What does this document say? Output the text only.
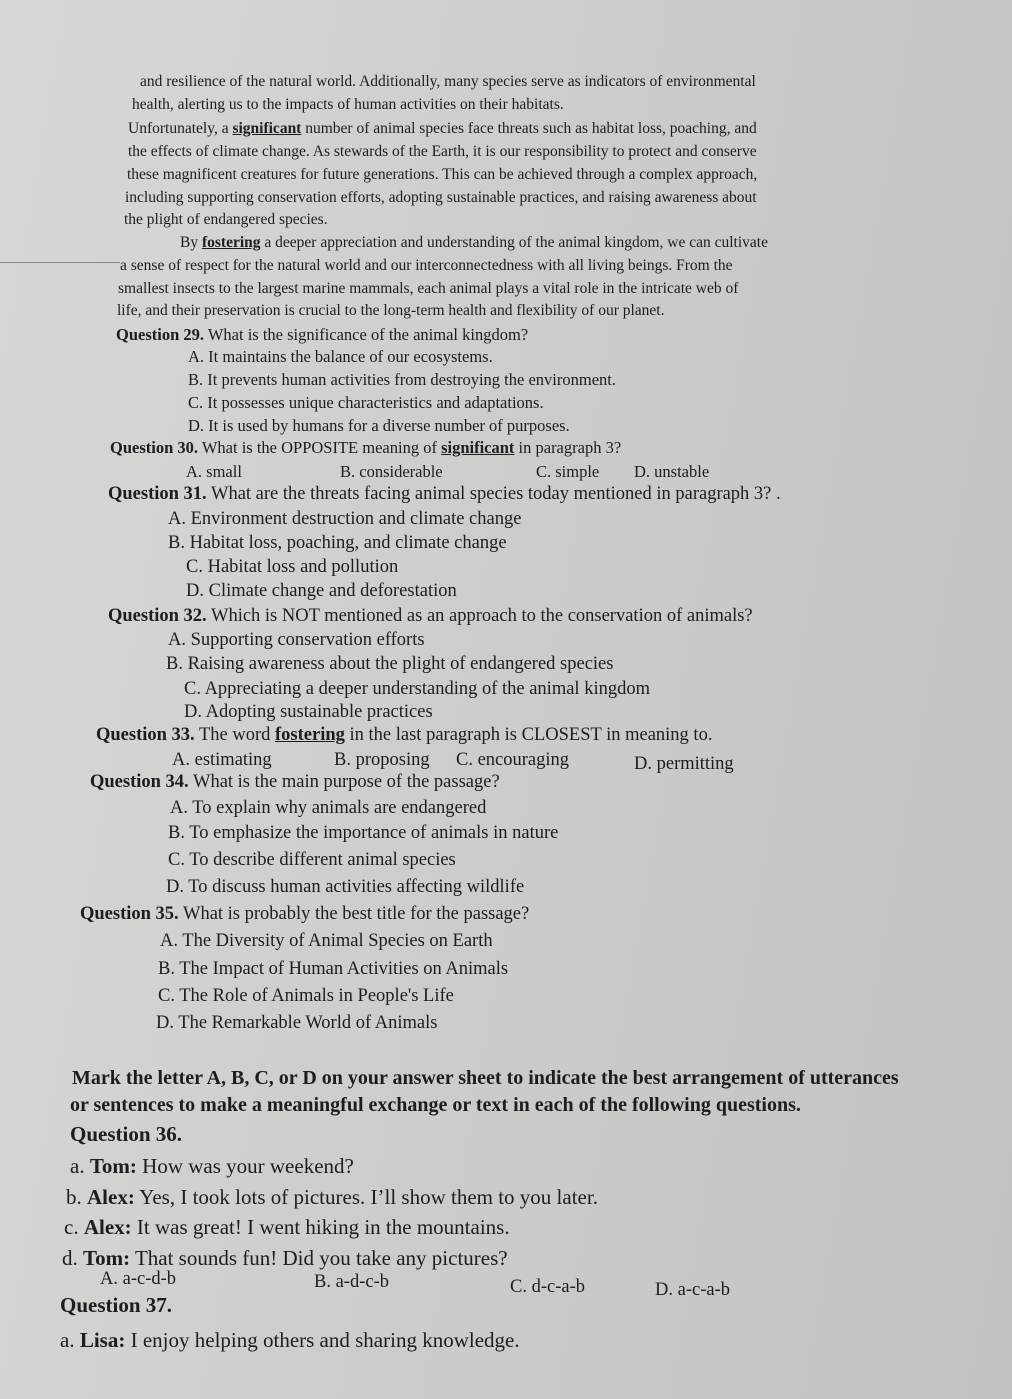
and resilience of the natural world. Additionally, many species serve as indicators of environmental
health, alerting us to the impacts of human activities on their habitats.
Unfortunately, a significant number of animal species face threats such as habitat loss, poaching, and
the effects of climate change. As stewards of the Earth, it is our responsibility to protect and conserve
these magnificent creatures for future generations. This can be achieved through a complex approach,
including supporting conservation efforts, adopting sustainable practices, and raising awareness about
the plight of endangered species.
By fostering a deeper appreciation and understanding of the animal kingdom, we can cultivate
a sense of respect for the natural world and our interconnectedness with all living beings. From the
smallest insects to the largest marine mammals, each animal plays a vital role in the intricate web of
life, and their preservation is crucial to the long-term health and flexibility of our planet.
Question 29. What is the significance of the animal kingdom?
A. It maintains the balance of our ecosystems.
B. It prevents human activities from destroying the environment.
C. It possesses unique characteristics and adaptations.
D. It is used by humans for a diverse number of purposes.
Question 30. What is the OPPOSITE meaning of significant in paragraph 3?
A. small	B. considerable	C. simple D. unstable
Question 31. What are the threats facing animal species today mentioned in paragraph 3? .
A. Environment destruction and climate change
B. Habitat loss, poaching, and climate change
C. Habitat loss and pollution
D. Climate change and deforestation
Question 32. Which is NOT mentioned as an approach to the conservation of animals?
A. Supporting conservation efforts
B. Raising awareness about the plight of endangered species
C. Appreciating a deeper understanding of the animal kingdom
D. Adopting sustainable practices
Question 33. The word fostering in the last paragraph is CLOSEST in meaning to.
A. estimating	B. proposing C. encouraging	D. permitting
Question 34. What is the main purpose of the passage?
A. To explain why animals are endangered
B. To emphasize the importance of animals in nature
C. To describe different animal species
D. To discuss human activities affecting wildlife
Question 35. What is probably the best title for the passage?
A. The Diversity of Animal Species on Earth
B. The Impact of Human Activities on Animals
C. The Role of Animals in People's Life
D. The Remarkable World of Animals
Mark the letter A, B, C, or D on your answer sheet to indicate the best arrangement of utterances
or sentences to make a meaningful exchange or text in each of the following questions.
Question 36.
a. Tom: How was your weekend?
b. Alex: Yes, I took lots of pictures. I’ll show them to you later.
c. Alex: It was great! I went hiking in the mountains.
d. Tom: That sounds fun! Did you take any pictures?
A. a-c-d-b	B. a-d-c-b	C. d-c-a-b	D. a-c-a-b
Question 37.
a. Lisa: I enjoy helping others and sharing knowledge.
